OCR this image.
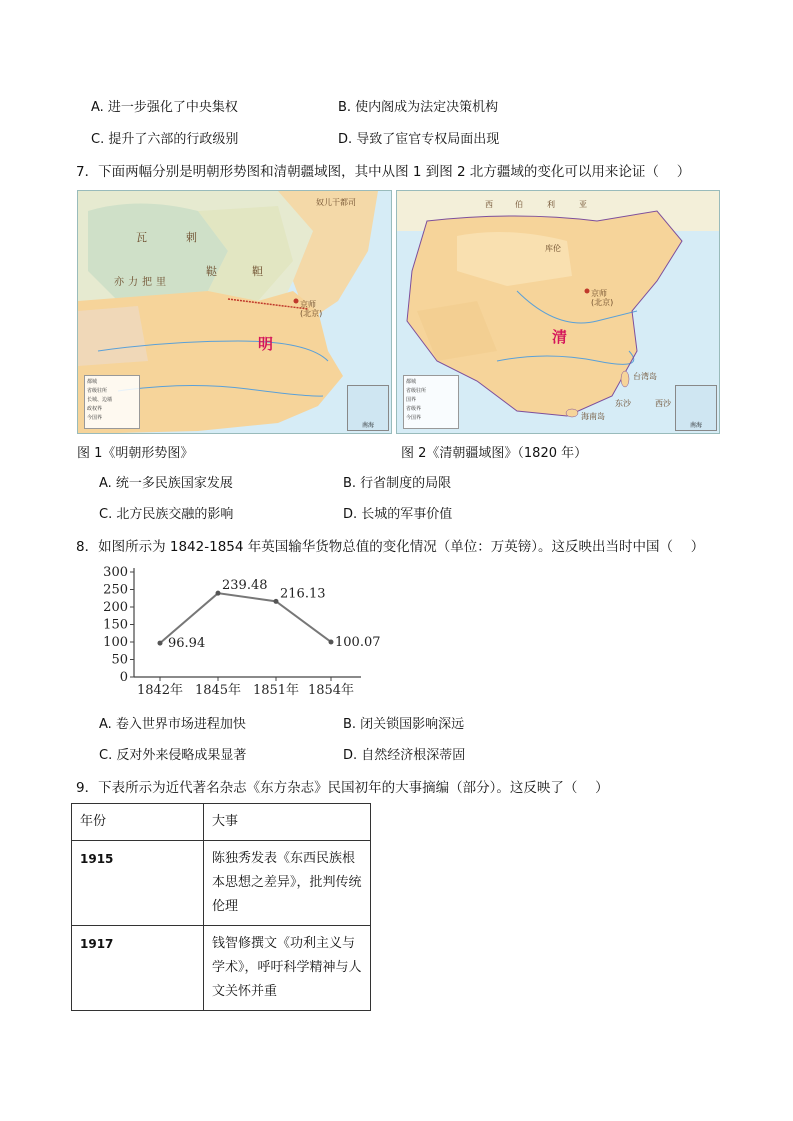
A. 进一步强化了中央集权	B. 使内阁成为法定决策机构
C. 提升了六部的行政级别	D. 导致了宦官专权局面出现
7．下面两幅分别是明朝形势图和清朝疆域图，其中从图 1 到图 2 北方疆域的变化可以用来论证（　 ）
瓦	剌
鞑	靼
亦力把里
明
京师
(北京)
奴儿干都司
都城
省级驻所
长城、边墙
政权界
今国界
南海
西	伯	利	亚
清
京师
(北京)
库伦
台湾岛
海南岛
东沙	西沙
都城
省级驻所
国界
省级界
今国界
南海
图 1《明朝形势图》	图 2《清朝疆域图》（1820 年）
A. 统一多民族国家发展	B. 行省制度的局限
C. 北方民族交融的影响	D. 长城的军事价值
8．如图所示为 1842-1854 年英国输华货物总值的变化情况（单位：万英镑）。这反映出当时中国（　 ）
0
50
100
150
200
250
300
1842年
96.94
1845年
239.48
1851年
216.13
1854年
100.07
A. 卷入世界市场进程加快	B. 闭关锁国影响深远
C. 反对外来侵略成果显著	D. 自然经济根深蒂固
9．下表所示为近代著名杂志《东方杂志》民国初年的大事摘编（部分）。这反映了（　 ）
年份	大事
1915	陈独秀发表《东西民族根本思想之差异》，批判传统伦理
1917	钱智修撰文《功利主义与学术》，呼吁科学精神与人文关怀并重
